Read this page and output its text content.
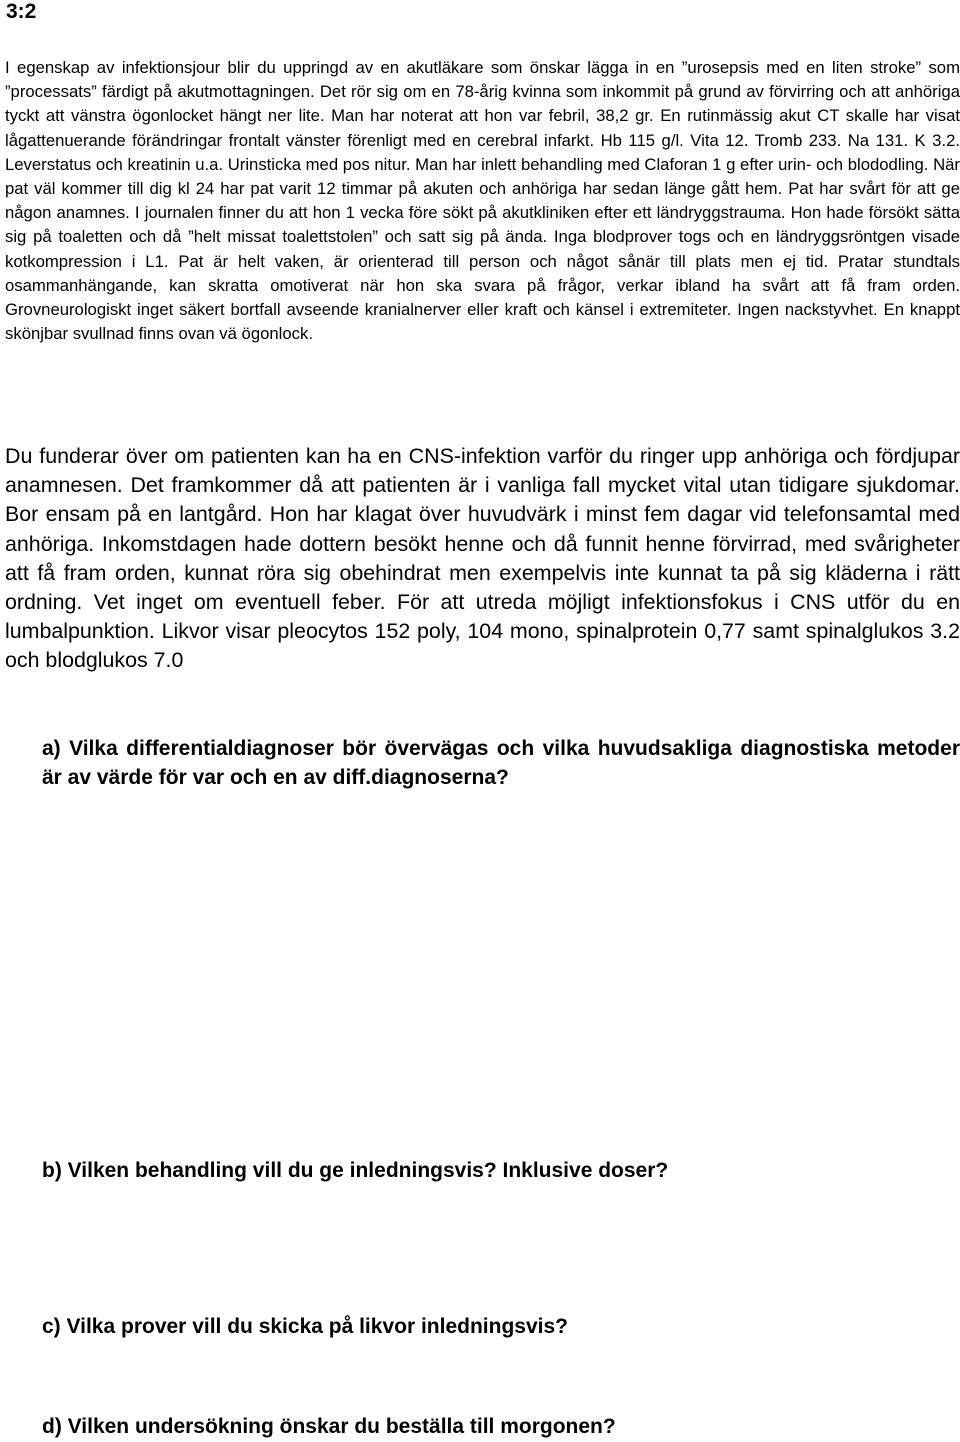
3:2

I egenskap av infektionsjour blir du uppringd av en akutläkare som önskar lägga in en ”urosepsis med en liten stroke” som ”processats” färdigt på akutmottagningen. Det rör sig om en 78-årig kvinna som inkommit på grund av förvirring och att anhöriga tyckt att vänstra ögonlocket hängt ner lite. Man har noterat att hon var febril, 38,2 gr. En rutinmässig akut CT skalle har visat lågattenuerande förändringar frontalt vänster förenligt med en cerebral infarkt. Hb 115 g/l. Vita 12. Tromb 233. Na 131. K 3.2. Leverstatus och kreatinin u.a. Urinsticka med pos nitur. Man har inlett behandling med Claforan 1 g efter urin- och blododling. När pat väl kommer till dig kl 24 har pat varit 12 timmar på akuten och anhöriga har sedan länge gått hem. Pat har svårt för att ge någon anamnes. I journalen finner du att hon 1 vecka före sökt på akutkliniken efter ett ländryggstrauma. Hon hade försökt sätta sig på toaletten och då ”helt missat toalettstolen” och satt sig på ända. Inga blodprover togs och en ländryggsröntgen visade kotkompression i L1. Pat är helt vaken, är orienterad till person och något sånär till plats men ej tid. Pratar stundtals osammanhängande, kan skratta omotiverat när hon ska svara på frågor, verkar ibland ha svårt att få fram orden. Grovneurologiskt inget säkert bortfall avseende kranialnerver eller kraft och känsel i extremiteter. Ingen nackstyvhet. En knappt skönjbar svullnad finns ovan vä ögonlock.

Du funderar över om patienten kan ha en CNS-infektion varför du ringer upp anhöriga och fördjupar anamnesen. Det framkommer då att patienten är i vanliga fall mycket vital utan tidigare sjukdomar. Bor ensam på en lantgård. Hon har klagat över huvudvärk i minst fem dagar vid telefonsamtal med anhöriga. Inkomstdagen hade dottern besökt henne och då funnit henne förvirrad, med svårigheter att få fram orden, kunnat röra sig obehindrat men exempelvis inte kunnat ta på sig kläderna i rätt ordning. Vet inget om eventuell feber. För att utreda möjligt infektionsfokus i CNS utför du en lumbalpunktion. Likvor visar pleocytos 152 poly, 104 mono, spinalprotein 0,77 samt spinalglukos 3.2 och blodglukos 7.0

a) Vilka differentialdiagnoser bör övervägas och vilka huvudsakliga diagnostiska metoder är av värde för var och en av diff.diagnoserna?

b) Vilken behandling vill du ge inledningsvis? Inklusive doser?

c) Vilka prover vill du skicka på likvor inledningsvis?

d) Vilken undersökning önskar du beställa till morgonen?
